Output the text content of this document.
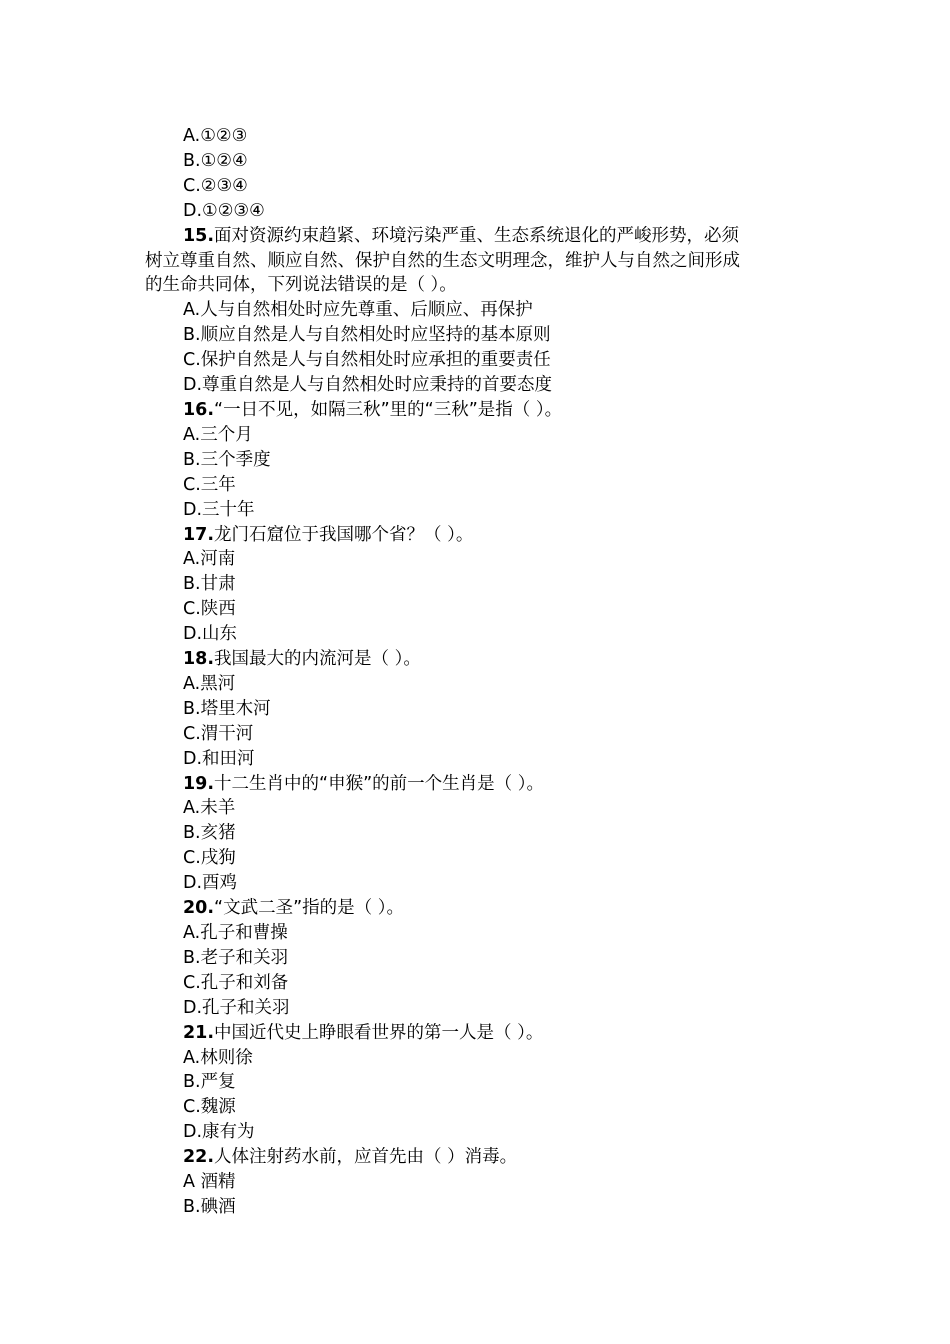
A.①②③

B.①②④

C.②③④

D.①②③④

15.面对资源约束趋紧、环境污染严重、生态系统退化的严峻形势，必须

树立尊重自然、顺应自然、保护自然的生态文明理念，维护人与自然之间形成

的生命共同体，下列说法错误的是（ ）。

A.人与自然相处时应先尊重、后顺应、再保护

B.顺应自然是人与自然相处时应坚持的基本原则

C.保护自然是人与自然相处时应承担的重要责任

D.尊重自然是人与自然相处时应秉持的首要态度

16.“一日不见，如隔三秋”里的“三秋”是指（ ）。

A.三个月

B.三个季度

C.三年

D.三十年

17.龙门石窟位于我国哪个省？（ ）。

A.河南

B.甘肃

C.陕西

D.山东

18.我国最大的内流河是（ ）。

A.黑河

B.塔里木河

C.渭干河

D.和田河

19.十二生肖中的“申猴”的前一个生肖是（ ）。

A.未羊

B.亥猪

C.戌狗

D.酉鸡

20.“文武二圣”指的是（ ）。

A.孔子和曹操

B.老子和关羽

C.孔子和刘备

D.孔子和关羽

21.中国近代史上睁眼看世界的第一人是（ ）。

A.林则徐

B.严复

C.魏源

D.康有为

22.人体注射药水前，应首先由（ ）消毒。

A 酒精

B.碘酒
